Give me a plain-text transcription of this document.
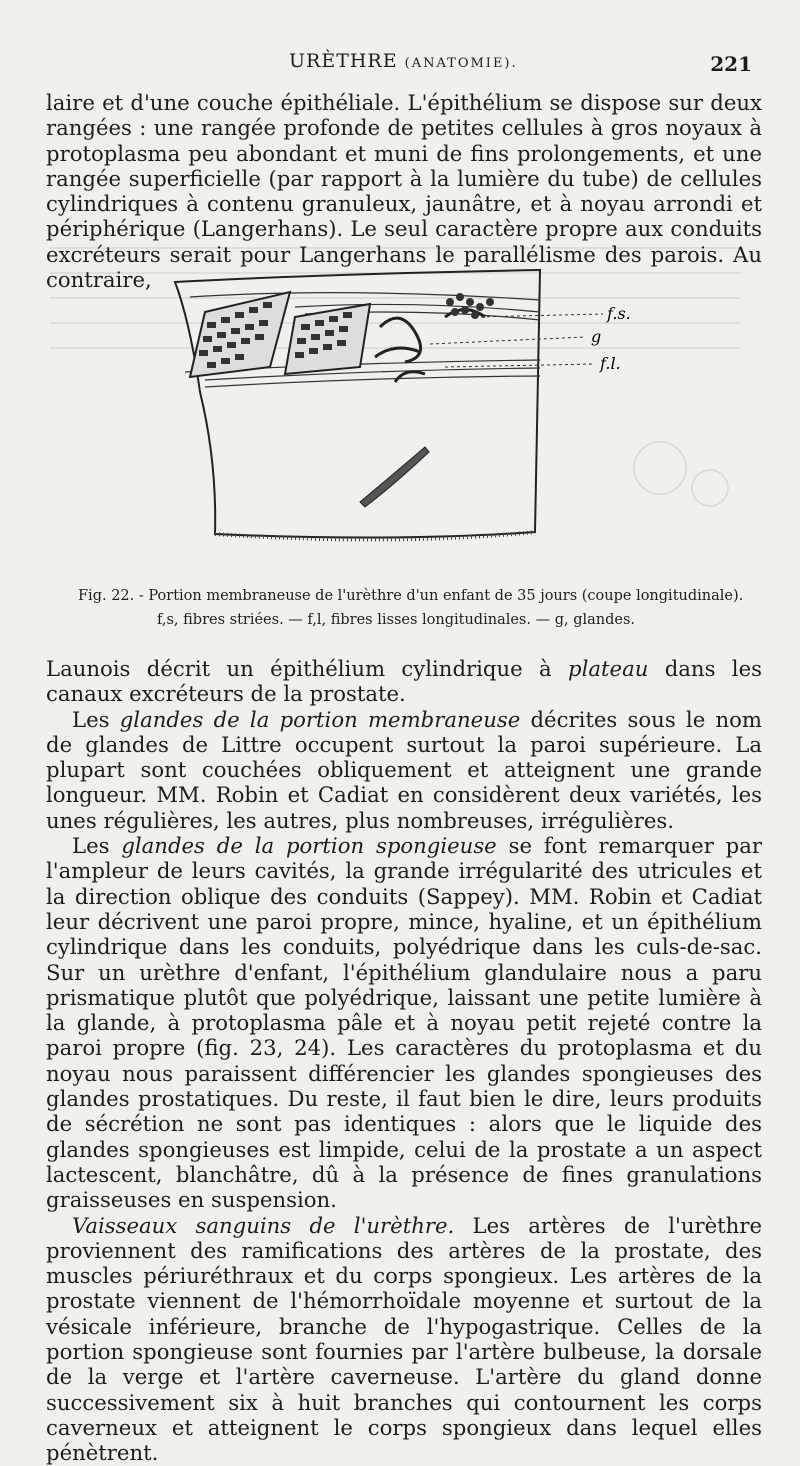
URÈTHRE (ANATOMIE).	221

laire et d'une couche épithéliale. L'épithélium se dispose sur deux rangées : une rangée profonde de petites cellules à gros noyaux à protoplasma peu abondant et muni de fins prolongements, et une rangée superficielle (par rapport à la lumière du tube) de cellules cylindriques à contenu granuleux, jaunâtre, et à noyau arrondi et périphérique (Langerhans). Le seul caractère propre aux conduits excréteurs serait pour Langerhans le parallélisme des parois. Au contraire,

f.s.
g
f.l.
Fig. 22. - Portion membraneuse de l'urèthre d'un enfant de 35 jours (coupe longitudinale).
f,s, fibres striées. — f,l, fibres lisses longitudinales. — g, glandes.

Launois décrit un épithélium cylindrique à plateau dans les canaux excréteurs de la prostate.

Les glandes de la portion membraneuse décrites sous le nom de glandes de Littre occupent surtout la paroi supérieure. La plupart sont couchées obliquement et atteignent une grande longueur. MM. Robin et Cadiat en considèrent deux variétés, les unes régulières, les autres, plus nombreuses, irrégulières.

Les glandes de la portion spongieuse se font remarquer par l'ampleur de leurs cavités, la grande irrégularité des utricules et la direction oblique des conduits (Sappey). MM. Robin et Cadiat leur décrivent une paroi propre, mince, hyaline, et un épithélium cylindrique dans les conduits, polyédrique dans les culs-de-sac. Sur un urèthre d'enfant, l'épithélium glandulaire nous a paru prismatique plutôt que polyédrique, laissant une petite lumière à la glande, à protoplasma pâle et à noyau petit rejeté contre la paroi propre (fig. 23, 24). Les caractères du protoplasma et du noyau nous paraissent différencier les glandes spongieuses des glandes prostatiques. Du reste, il faut bien le dire, leurs produits de sécrétion ne sont pas identiques : alors que le liquide des glandes spongieuses est limpide, celui de la prostate a un aspect lactescent, blanchâtre, dû à la présence de fines granulations graisseuses en suspension.

Vaisseaux sanguins de l'urèthre. Les artères de l'urèthre proviennent des ramifications des artères de la prostate, des muscles périuréthraux et du corps spongieux. Les artères de la prostate viennent de l'hémorrhoïdale moyenne et surtout de la vésicale inférieure, branche de l'hypogastrique. Celles de la portion spongieuse sont fournies par l'artère bulbeuse, la dorsale de la verge et l'artère caverneuse. L'artère du gland donne successivement six à huit branches qui contournent les corps caverneux et atteignent le corps spongieux dans lequel elles pénètrent.
